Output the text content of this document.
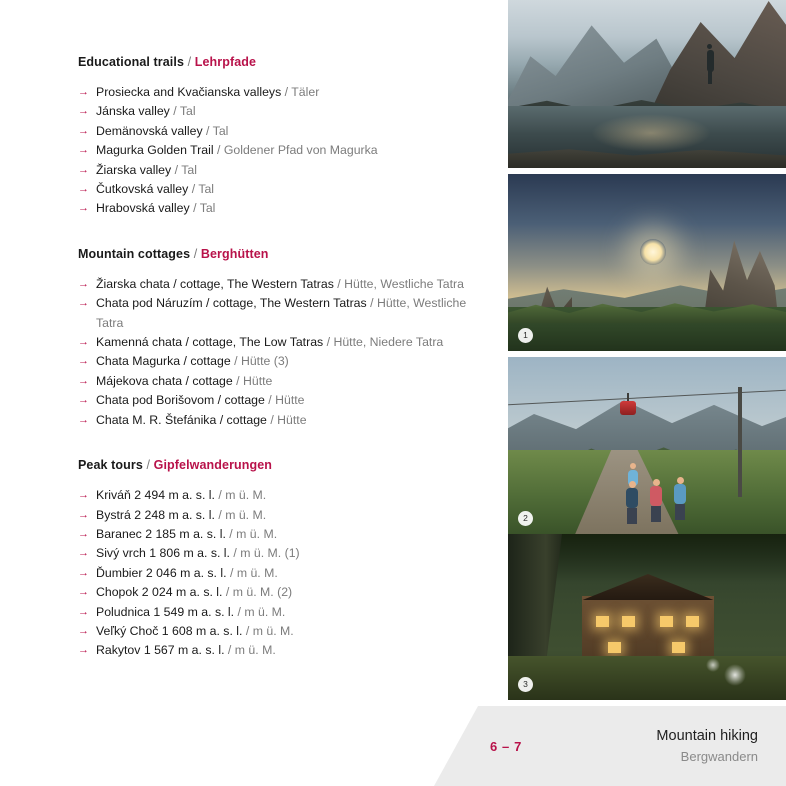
Educational trails / Lehrpfade
→ Prosiecka and Kvačianska valleys / Täler
→ Jánska valley / Tal
→ Demänovská valley / Tal
→ Magurka Golden Trail / Goldener Pfad von Magurka
→ Žiarska valley / Tal
→ Čutkovská valley / Tal
→ Hrabovská valley / Tal
Mountain cottages / Berghütten
→ Žiarska chata / cottage, The Western Tatras / Hütte, Westliche Tatra
→ Chata pod Náruzím / cottage, The Western Tatras / Hütte, Westliche Tatra
→ Kamenná chata / cottage, The Low Tatras / Hütte, Niedere Tatra
→ Chata Magurka / cottage / Hütte (3)
→ Májekova chata / cottage / Hütte
→ Chata pod Borišovom / cottage / Hütte
→ Chata M. R. Štefánika / cottage / Hütte
Peak tours / Gipfelwanderungen
→ Kriváň 2 494 m a. s. l. / m ü. M.
→ Bystrá 2 248 m a. s. l. / m ü. M.
→ Baranec 2 185 m a. s. l. / m ü. M.
→ Sivý vrch 1 806 m a. s. l. / m ü. M. (1)
→ Ďumbier 2 046 m a. s. l. / m ü. M.
→ Chopok 2 024 m a. s. l. / m ü. M. (2)
→ Poludnica 1 549 m a. s. l. / m ü. M.
→ Veľký Choč 1 608 m a. s. l. / m ü. M.
→ Rakytov 1 567 m a. s. l. / m ü. M.
1
2
3
6 – 7
Mountain hiking
Bergwandern
